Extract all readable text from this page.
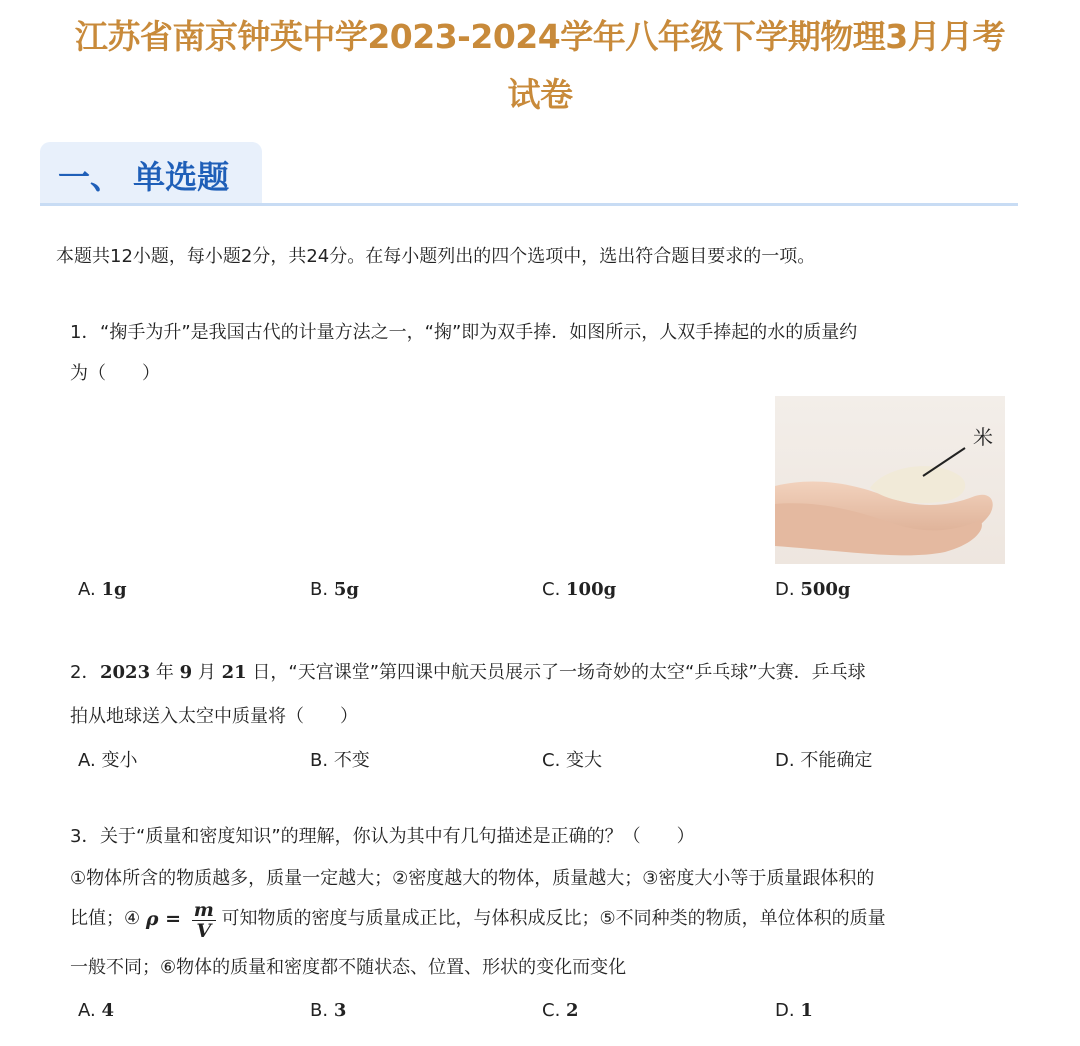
江苏省南京钟英中学2023-2024学年八年级下学期物理3月月考
试卷
一、 单选题
本题共12小题，每小题2分，共24分。在每小题列出的四个选项中，选出符合题目要求的一项。
1．“掬手为升”是我国古代的计量方法之一，“掬”即为双手捧．如图所示，人双手捧起的水的质量约
为（　　）
米
A. 1g	B. 5g	C. 100g	D. 500g
2．2023 年 9 月 21 日，“天宫课堂”第四课中航天员展示了一场奇妙的太空“乒乓球”大赛．乒乓球
拍从地球送入太空中质量将（　　）
A. 变小	B. 不变	C. 变大	D. 不能确定
3．关于“质量和密度知识”的理解，你认为其中有几句描述是正确的？（　　）
①物体所含的物质越多，质量一定越大；②密度越大的物体，质量越大；③密度大小等于质量跟体积的
比值；④ $\rho = \frac{m}{V}$ 可知物质的密度与质量成正比，与体积成反比；⑤不同种类的物质，单位体积的质量
一般不同；⑥物体的质量和密度都不随状态、位置、形状的变化而变化
A. 4	B. 3	C. 2	D. 1
